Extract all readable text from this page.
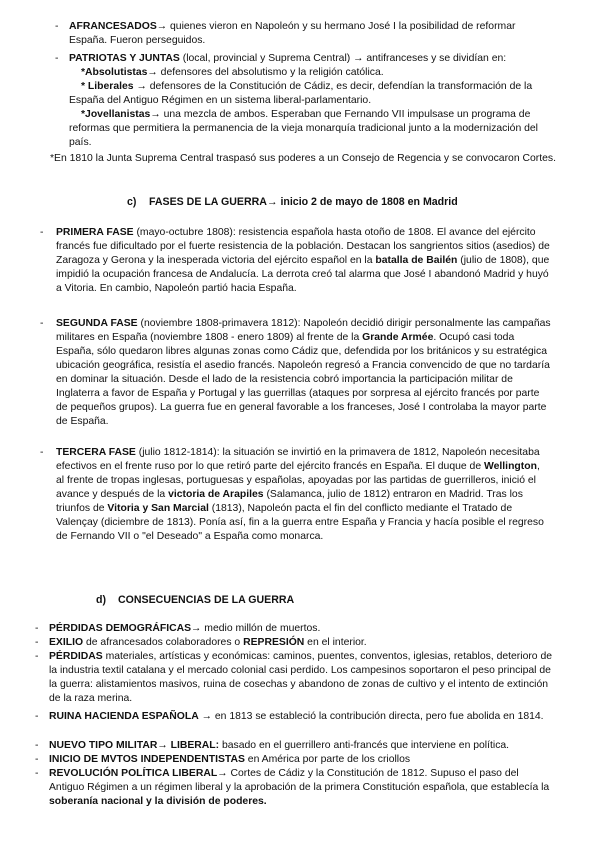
- AFRANCESADOS→ quienes vieron en Napoleón y su hermano José I la posibilidad de reformar España. Fueron perseguidos.
- PATRIOTAS Y JUNTAS (local, provincial y Suprema Central) → antifranceses y se dividían en:
*Absolutistas→ defensores del absolutismo y la religión católica.
* Liberales → defensores de la Constitución de Cádiz, es decir, defendían la transformación de la España del Antiguo Régimen en un sistema liberal-parlamentario.
*Jovellanistas→ una mezcla de ambos. Esperaban que Fernando VII impulsase un programa de reformas que permitiera la permanencia de la vieja monarquía tradicional junto a la modernización del país.
*En 1810 la Junta Suprema Central traspasó sus poderes a un Consejo de Regencia y se convocaron Cortes.
c) FASES DE LA GUERRA→ inicio 2 de mayo de 1808 en Madrid
- PRIMERA FASE (mayo-octubre 1808): resistencia española hasta otoño de 1808. El avance del ejército francés fue dificultado por el fuerte resistencia de la población. Destacan los sangrientos sitios (asedios) de Zaragoza y Gerona y la inesperada victoria del ejército español en la batalla de Bailén (julio de 1808), que impidió la ocupación francesa de Andalucía. La derrota creó tal alarma que José I abandonó Madrid y huyó a Vitoria. En cambio, Napoleón partió hacia España.
- SEGUNDA FASE (noviembre 1808-primavera 1812): Napoleón decidió dirigir personalmente las campañas militares en España (noviembre 1808 - enero 1809) al frente de la Grande Armée. Ocupó casi toda España, sólo quedaron libres algunas zonas como Cádiz que, defendida por los británicos y su estratégica ubicación geográfica, resistía el asedio francés. Napoleón regresó a Francia convencido de que no tardaría en dominar la situación. Desde el lado de la resistencia cobró importancia la participación militar de Inglaterra a favor de España y Portugal y las guerrillas (ataques por sorpresa al ejército francés por parte de pequeños grupos). La guerra fue en general favorable a los franceses, José I controlaba la mayor parte de España.
- TERCERA FASE (julio 1812-1814): la situación se invirtió en la primavera de 1812, Napoleón necesitaba efectivos en el frente ruso por lo que retiró parte del ejército francés en España. El duque de Wellington, al frente de tropas inglesas, portuguesas y españolas, apoyadas por las partidas de guerrilleros, inició el avance y después de la victoria de Arapiles (Salamanca, julio de 1812) entraron en Madrid. Tras los triunfos de Vitoria y San Marcial (1813), Napoleón pacta el fin del conflicto mediante el Tratado de Valençay (diciembre de 1813). Ponía así, fin a la guerra entre España y Francia y hacía posible el regreso de Fernando VII o "el Deseado" a España como monarca.
d) CONSECUENCIAS DE LA GUERRA
- PÉRDIDAS DEMOGRÁFICAS→ medio millón de muertos.
- EXILIO de afrancesados colaboradores o REPRESIÓN en el interior.
- PÉRDIDAS materiales, artísticas y económicas: caminos, puentes, conventos, iglesias, retablos, deterioro de la industria textil catalana y el mercado colonial casi perdido. Los campesinos soportaron el peso principal de la guerra: alistamientos masivos, ruina de cosechas y abandono de zonas de cultivo y el intento de extinción de la raza merina.
- RUINA HACIENDA ESPAÑOLA → en 1813 se estableció la contribución directa, pero fue abolida en 1814.
- NUEVO TIPO MILITAR→ LIBERAL: basado en el guerrillero anti-francés que interviene en política.
- INICIO DE MVTOS INDEPENDENTISTAS en América por parte de los criollos
- REVOLUCIÓN POLÍTICA LIBERAL→ Cortes de Cádiz y la Constitución de 1812. Supuso el paso del Antiguo Régimen a un régimen liberal y la aprobación de la primera Constitución española, que establecía la soberanía nacional y la división de poderes.
